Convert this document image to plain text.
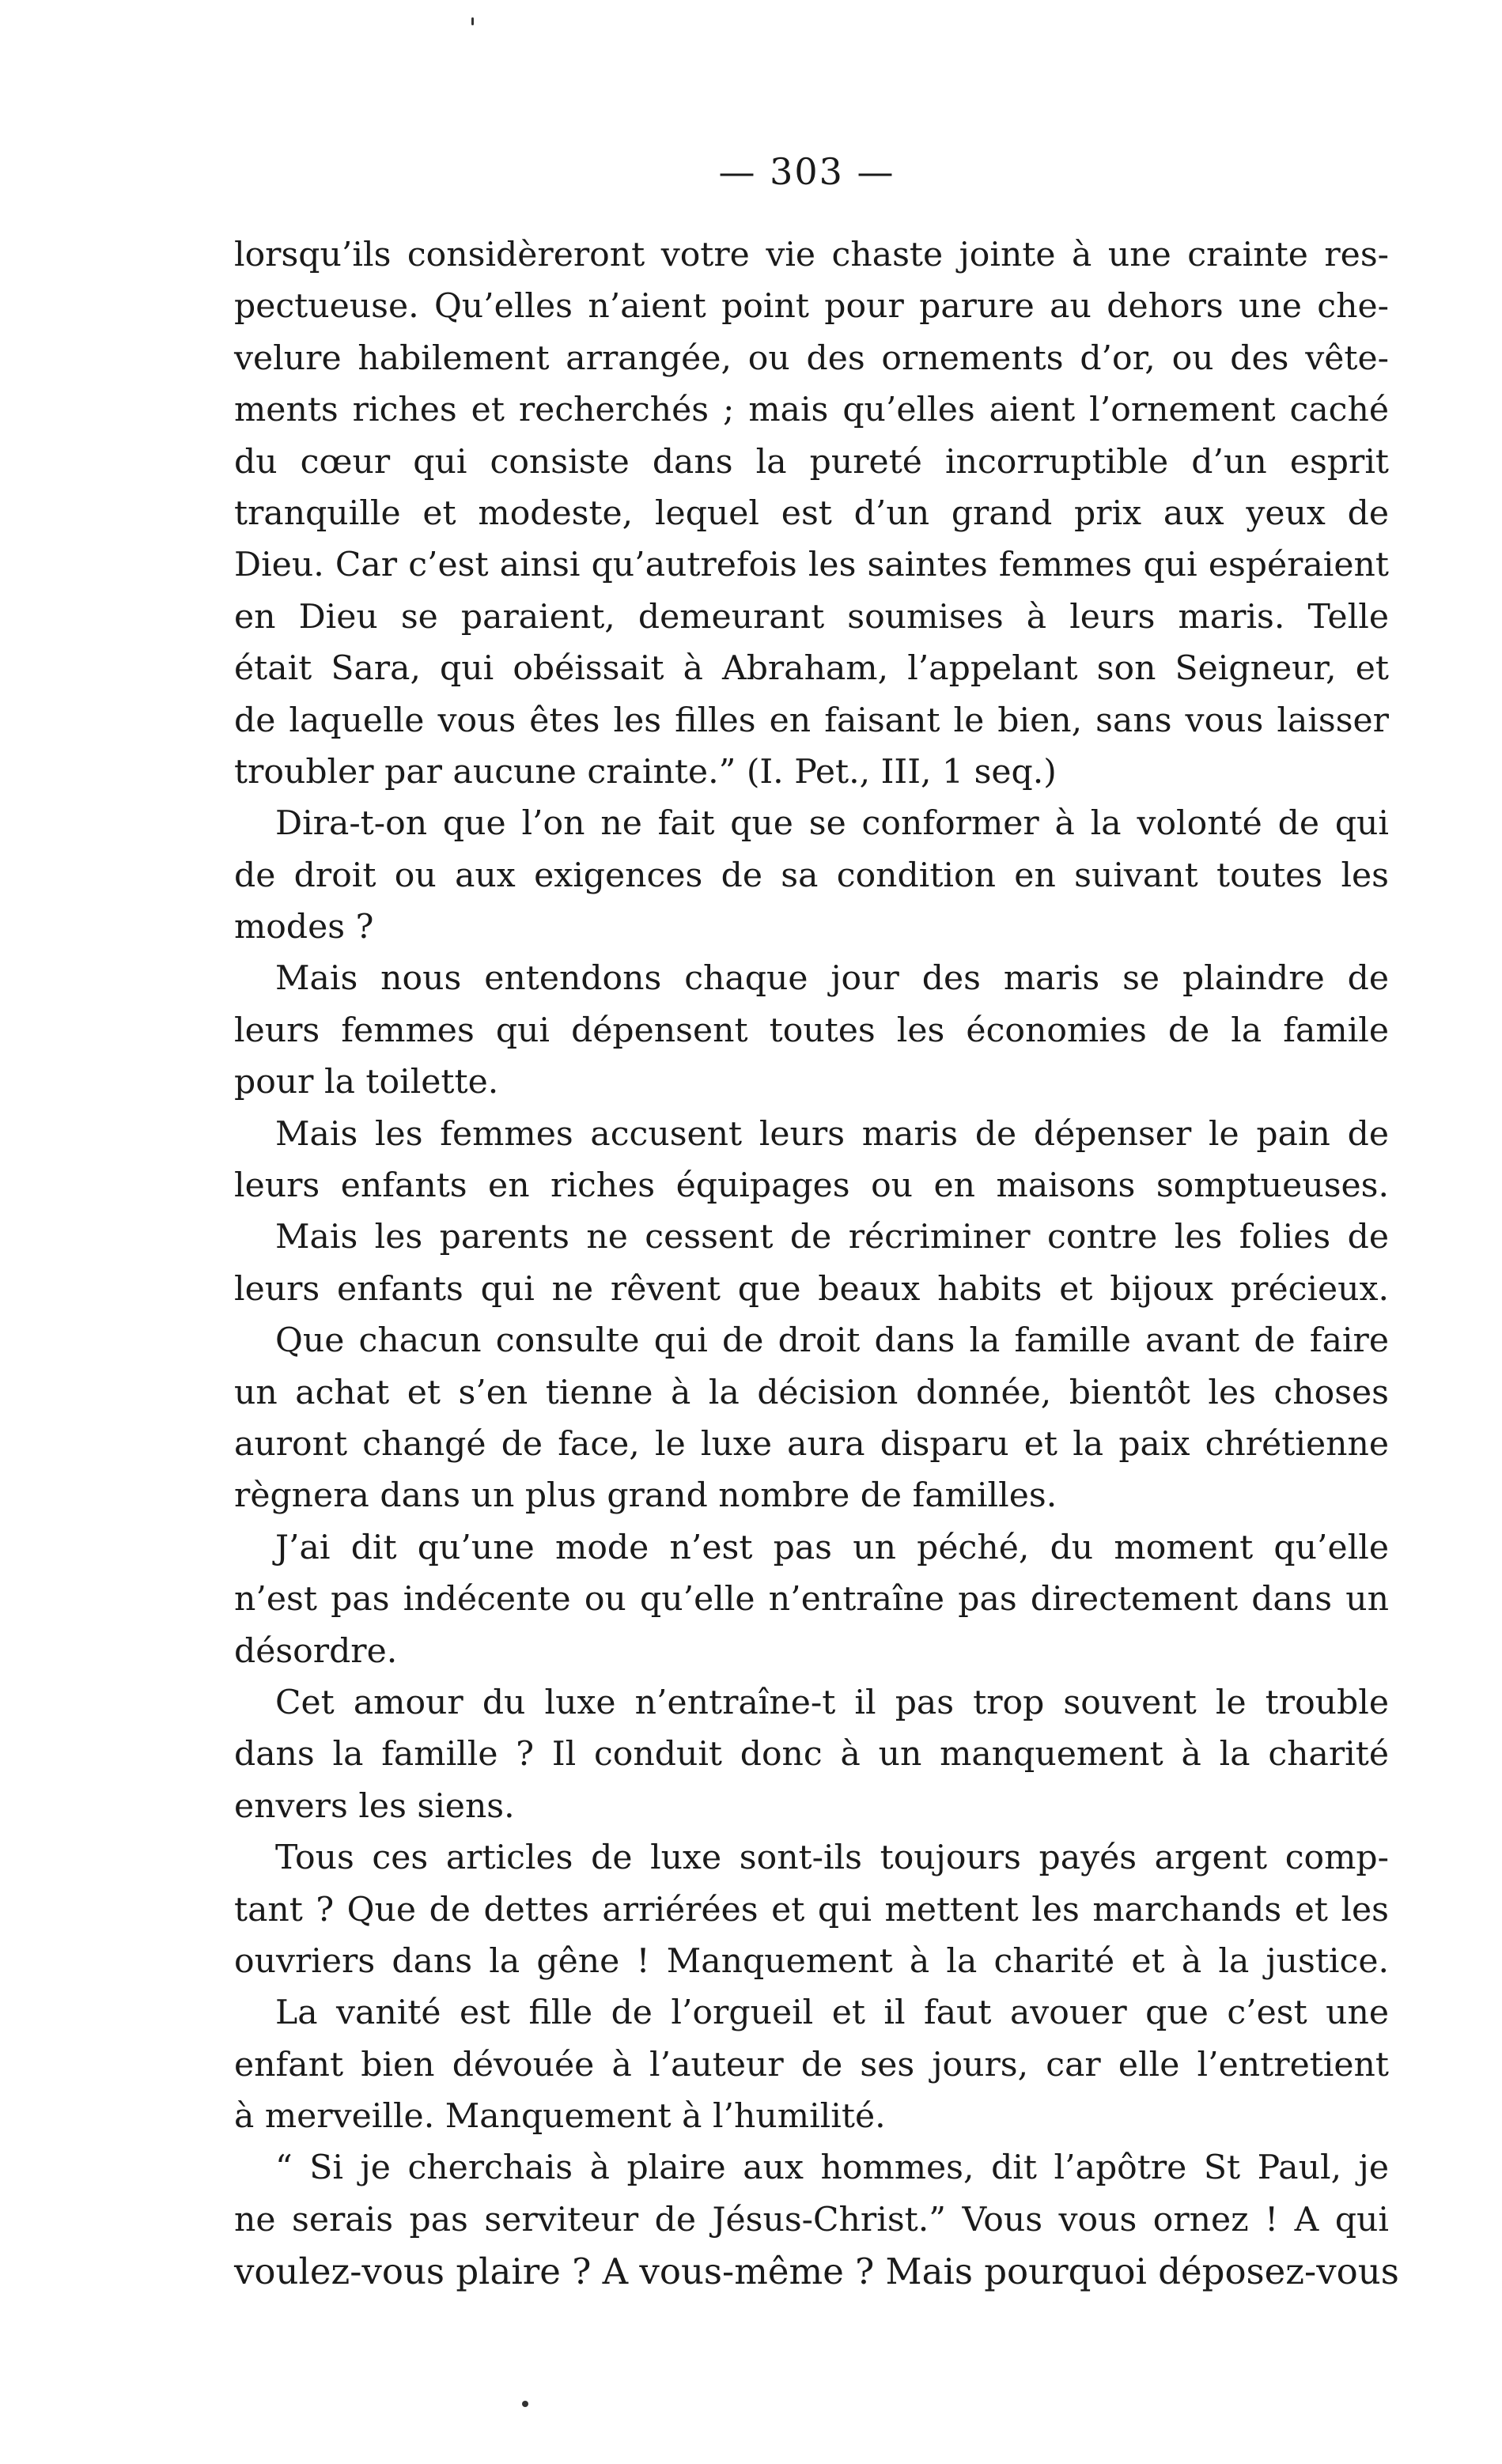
— 303 —
lorsqu’ils considèreront votre vie chaste jointe à une crainte res-
pectueuse. Qu’elles n’aient point pour parure au dehors une che-
velure habilement arrangée, ou des ornements d’or, ou des vête-
ments riches et recherchés ; mais qu’elles aient l’ornement caché
du cœur qui consiste dans la pureté incorruptible d’un esprit
tranquille et modeste, lequel est d’un grand prix aux yeux de
Dieu. Car c’est ainsi qu’autrefois les saintes femmes qui espéraient
en Dieu se paraient, demeurant soumises à leurs maris. Telle
était Sara, qui obéissait à Abraham, l’appelant son Seigneur, et
de laquelle vous êtes les filles en faisant le bien, sans vous laisser
troubler par aucune crainte.” (I. Pet., III, 1 seq.)
Dira-t-on que l’on ne fait que se conformer à la volonté de qui
de droit ou aux exigences de sa condition en suivant toutes les
modes ?
Mais nous entendons chaque jour des maris se plaindre de
leurs femmes qui dépensent toutes les économies de la famile
pour la toilette.
Mais les femmes accusent leurs maris de dépenser le pain de
leurs enfants en riches équipages ou en maisons somptueuses.
Mais les parents ne cessent de récriminer contre les folies de
leurs enfants qui ne rêvent que beaux habits et bijoux précieux.
Que chacun consulte qui de droit dans la famille avant de faire
un achat et s’en tienne à la décision donnée, bientôt les choses
auront changé de face, le luxe aura disparu et la paix chrétienne
règnera dans un plus grand nombre de familles.
J’ai dit qu’une mode n’est pas un péché, du moment qu’elle
n’est pas indécente ou qu’elle n’entraîne pas directement dans un
désordre.
Cet amour du luxe n’entraîne-t il pas trop souvent le trouble
dans la famille ? Il conduit donc à un manquement à la charité
envers les siens.
Tous ces articles de luxe sont-ils toujours payés argent comp-
tant ? Que de dettes arriérées et qui mettent les marchands et les
ouvriers dans la gêne ! Manquement à la charité et à la justice.
La vanité est fille de l’orgueil et il faut avouer que c’est une
enfant bien dévouée à l’auteur de ses jours, car elle l’entretient
à merveille. Manquement à l’humilité.
“ Si je cherchais à plaire aux hommes, dit l’apôtre St Paul, je
ne serais pas serviteur de Jésus-Christ.” Vous vous ornez ! A qui
voulez-vous plaire ? A vous-même ? Mais pourquoi déposez-vous
